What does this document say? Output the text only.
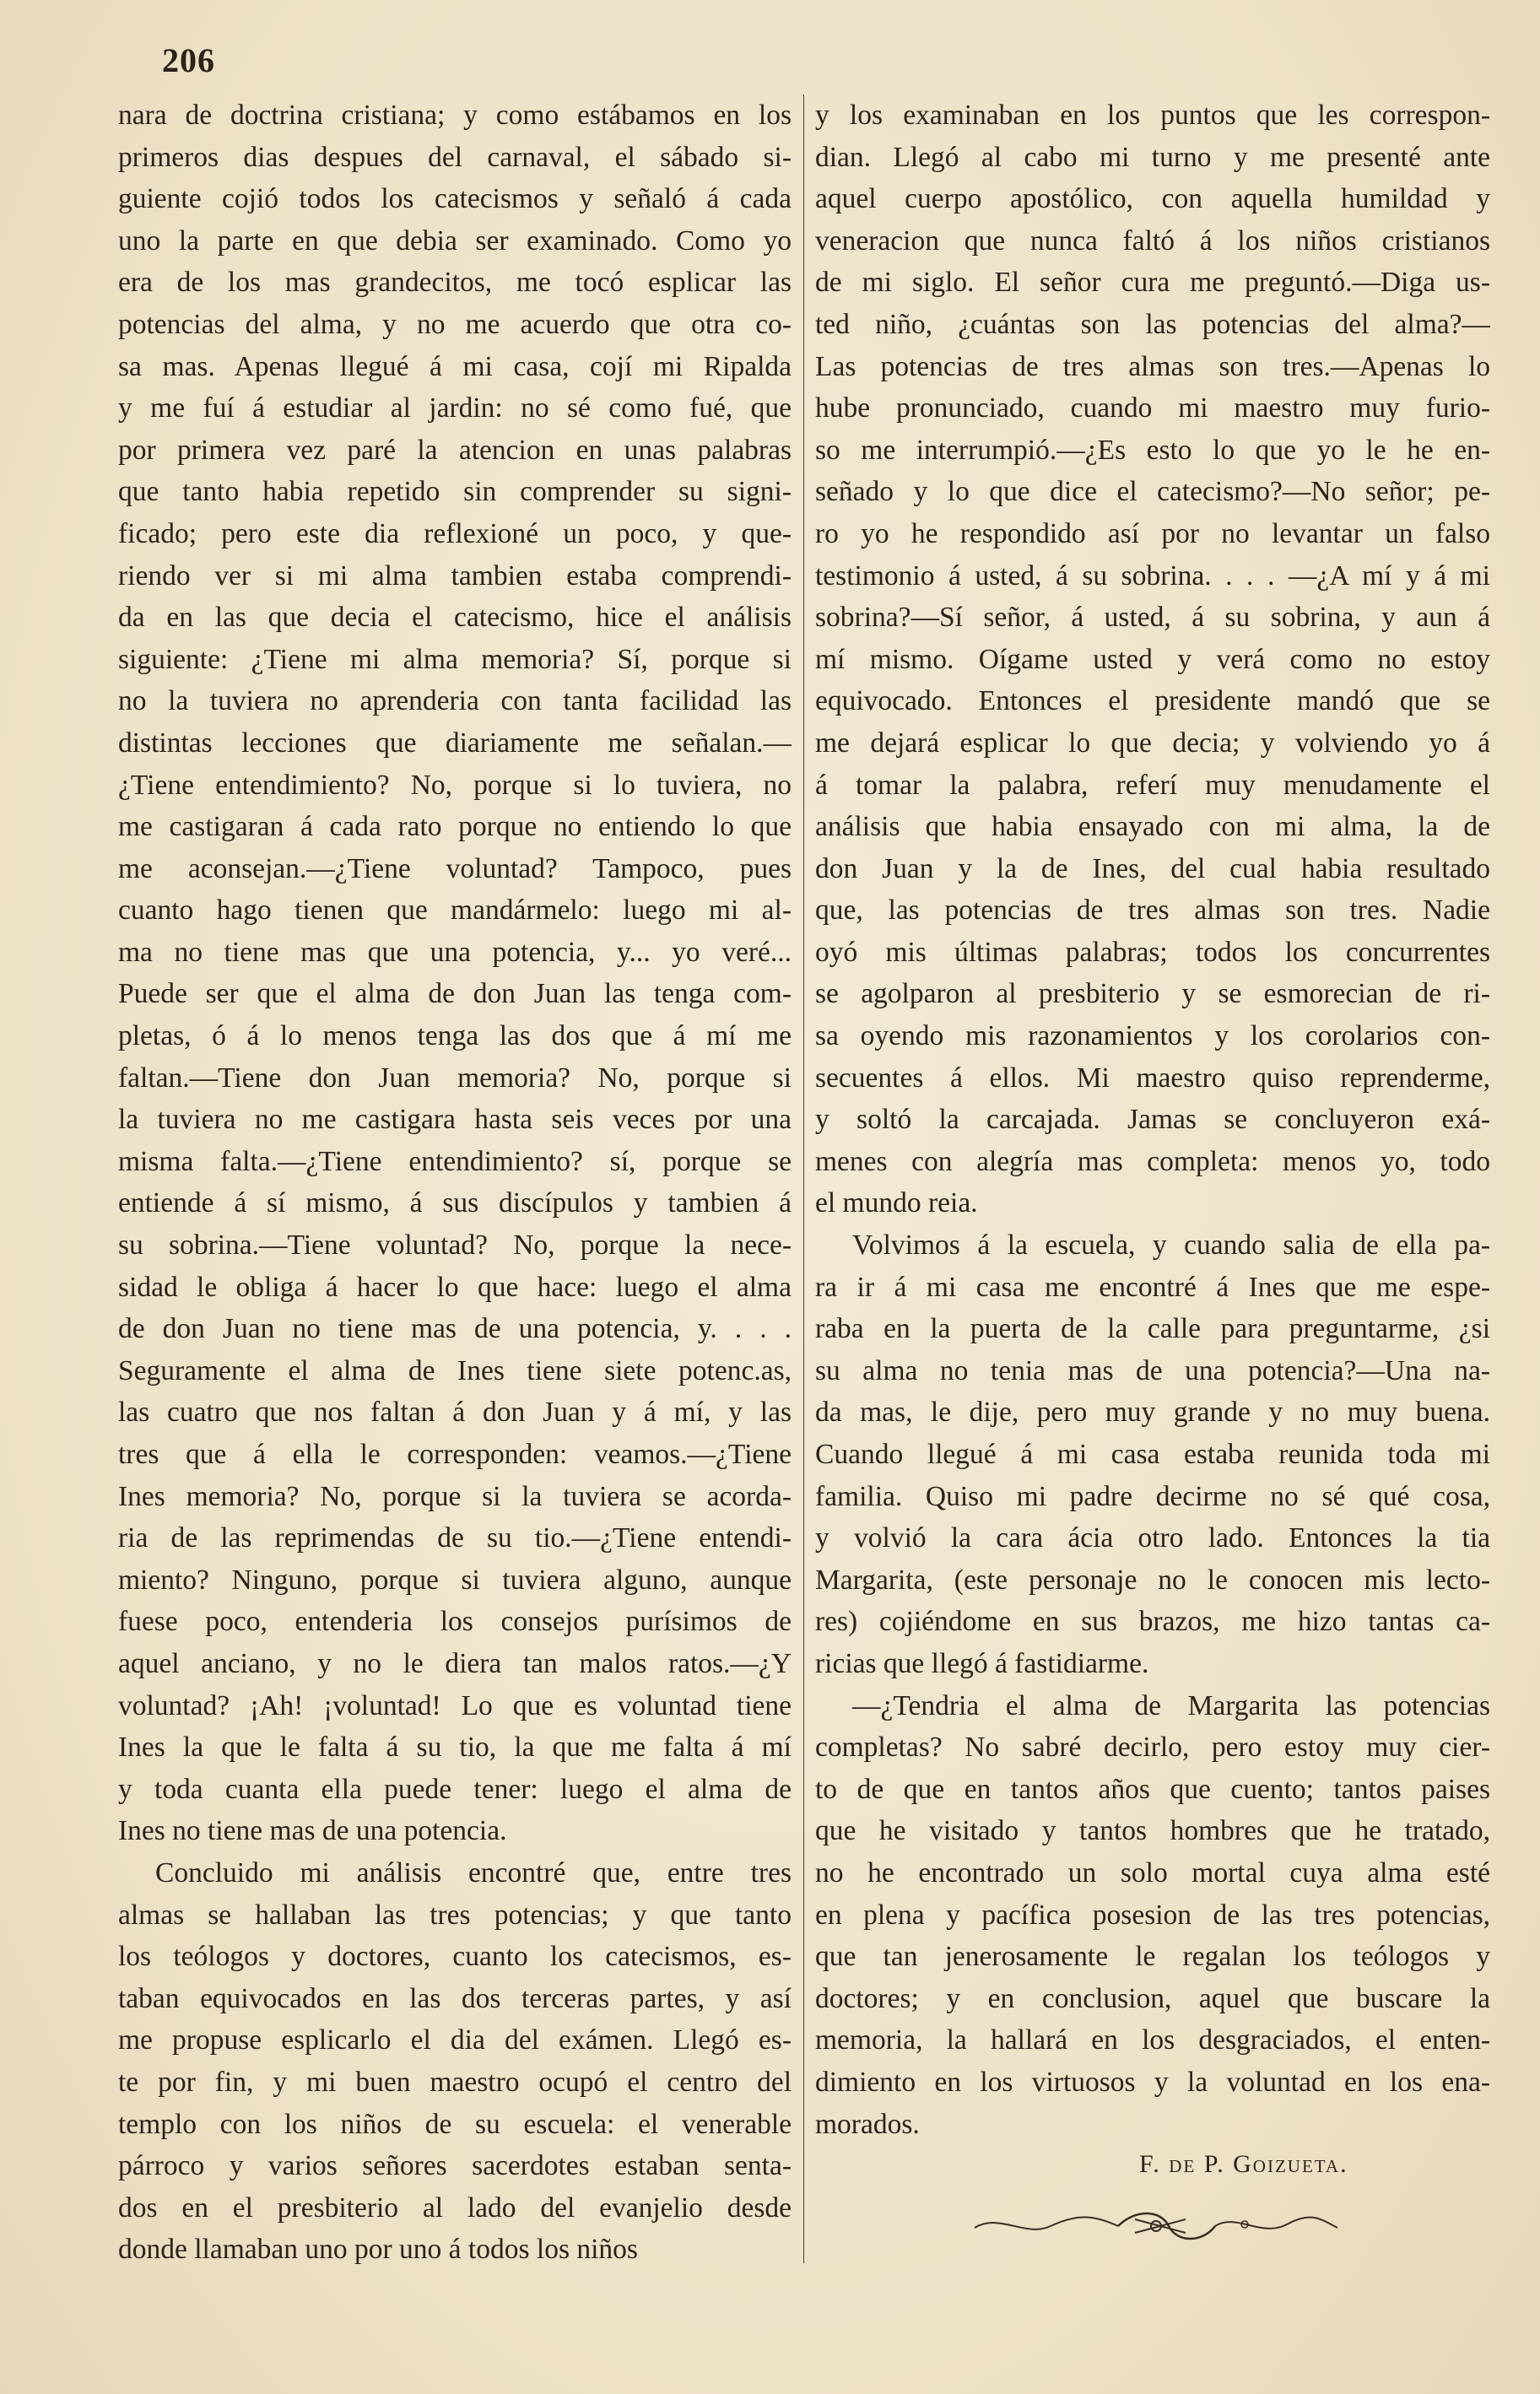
206
nara de doctrina cristiana; y como estábamos en los
primeros dias despues del carnaval, el sábado si-
guiente cojió todos los catecismos y señaló á cada
uno la parte en que debia ser examinado. Como yo
era de los mas grandecitos, me tocó esplicar las
potencias del alma, y no me acuerdo que otra co-
sa mas. Apenas llegué á mi casa, cojí mi Ripalda
y me fuí á estudiar al jardin: no sé como fué, que
por primera vez paré la atencion en unas palabras
que tanto habia repetido sin comprender su signi-
ficado; pero este dia reflexioné un poco, y que-
riendo ver si mi alma tambien estaba comprendi-
da en las que decia el catecismo, hice el análisis
siguiente: ¿Tiene mi alma memoria? Sí, porque si
no la tuviera no aprenderia con tanta facilidad las
distintas lecciones que diariamente me señalan.—
¿Tiene entendimiento? No, porque si lo tuviera, no
me castigaran á cada rato porque no entiendo lo que
me aconsejan.—¿Tiene voluntad? Tampoco, pues
cuanto hago tienen que mandármelo: luego mi al-
ma no tiene mas que una potencia, y... yo veré...
Puede ser que el alma de don Juan las tenga com-
pletas, ó á lo menos tenga las dos que á mí me
faltan.—Tiene don Juan memoria? No, porque si
la tuviera no me castigara hasta seis veces por una
misma falta.—¿Tiene entendimiento? sí, porque se
entiende á sí mismo, á sus discípulos y tambien á
su sobrina.—Tiene voluntad? No, porque la nece-
sidad le obliga á hacer lo que hace: luego el alma
de don Juan no tiene mas de una potencia, y. . . .
Seguramente el alma de Ines tiene siete potenc.as,
las cuatro que nos faltan á don Juan y á mí, y las
tres que á ella le corresponden: veamos.—¿Tiene
Ines memoria? No, porque si la tuviera se acorda-
ria de las reprimendas de su tio.—¿Tiene entendi-
miento? Ninguno, porque si tuviera alguno, aunque
fuese poco, entenderia los consejos purísimos de
aquel anciano, y no le diera tan malos ratos.—¿Y
voluntad? ¡Ah! ¡voluntad! Lo que es voluntad tiene
Ines la que le falta á su tio, la que me falta á mí
y toda cuanta ella puede tener: luego el alma de
Ines no tiene mas de una potencia.
Concluido mi análisis encontré que, entre tres
almas se hallaban las tres potencias; y que tanto
los teólogos y doctores, cuanto los catecismos, es-
taban equivocados en las dos terceras partes, y así
me propuse esplicarlo el dia del exámen. Llegó es-
te por fin, y mi buen maestro ocupó el centro del
templo con los niños de su escuela: el venerable
párroco y varios señores sacerdotes estaban senta-
dos en el presbiterio al lado del evanjelio desde
donde llamaban uno por uno á todos los niños
y los examinaban en los puntos que les correspon-
dian. Llegó al cabo mi turno y me presenté ante
aquel cuerpo apostólico, con aquella humildad y
veneracion que nunca faltó á los niños cristianos
de mi siglo. El señor cura me preguntó.—Diga us-
ted niño, ¿cuántas son las potencias del alma?—
Las potencias de tres almas son tres.—Apenas lo
hube pronunciado, cuando mi maestro muy furio-
so me interrumpió.—¿Es esto lo que yo le he en-
señado y lo que dice el catecismo?—No señor; pe-
ro yo he respondido así por no levantar un falso
testimonio á usted, á su sobrina. . . . —¿A mí y á mi
sobrina?—Sí señor, á usted, á su sobrina, y aun á
mí mismo. Oígame usted y verá como no estoy
equivocado. Entonces el presidente mandó que se
me dejará esplicar lo que decia; y volviendo yo á
á tomar la palabra, referí muy menudamente el
análisis que habia ensayado con mi alma, la de
don Juan y la de Ines, del cual habia resultado
que, las potencias de tres almas son tres. Nadie
oyó mis últimas palabras; todos los concurrentes
se agolparon al presbiterio y se esmorecian de ri-
sa oyendo mis razonamientos y los corolarios con-
secuentes á ellos. Mi maestro quiso reprenderme,
y soltó la carcajada. Jamas se concluyeron exá-
menes con alegría mas completa: menos yo, todo
el mundo reia.
Volvimos á la escuela, y cuando salia de ella pa-
ra ir á mi casa me encontré á Ines que me espe-
raba en la puerta de la calle para preguntarme, ¿si
su alma no tenia mas de una potencia?—Una na-
da mas, le dije, pero muy grande y no muy buena.
Cuando llegué á mi casa estaba reunida toda mi
familia. Quiso mi padre decirme no sé qué cosa,
y volvió la cara ácia otro lado. Entonces la tia
Margarita, (este personaje no le conocen mis lecto-
res) cojiéndome en sus brazos, me hizo tantas ca-
ricias que llegó á fastidiarme.
—¿Tendria el alma de Margarita las potencias
completas? No sabré decirlo, pero estoy muy cier-
to de que en tantos años que cuento; tantos paises
que he visitado y tantos hombres que he tratado,
no he encontrado un solo mortal cuya alma esté
en plena y pacífica posesion de las tres potencias,
que tan jenerosamente le regalan los teólogos y
doctores; y en conclusion, aquel que buscare la
memoria, la hallará en los desgraciados, el enten-
dimiento en los virtuosos y la voluntad en los ena-
morados.
F. de P. Goizueta.
